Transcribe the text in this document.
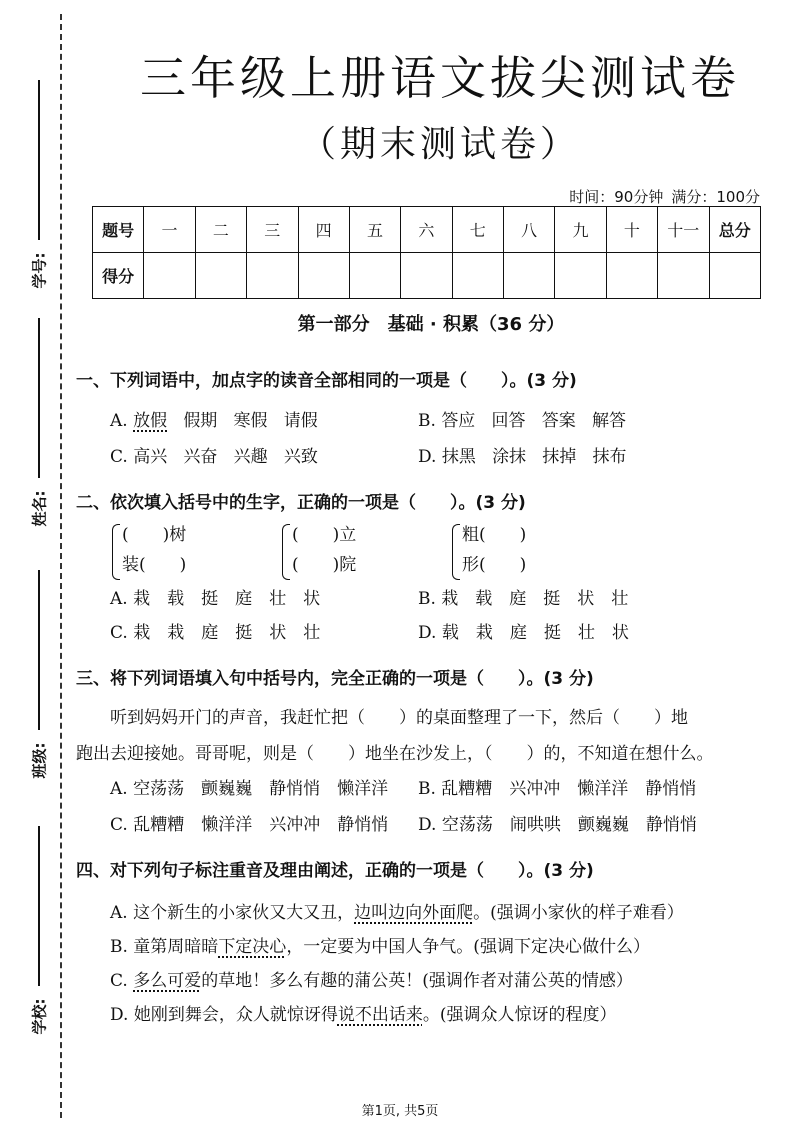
学号:
姓名:
班级:
学校:
三年级上册语文拔尖测试卷
（期末测试卷）
时间：90分钟 满分：100分
题号	一	二	三	四	五	六	七	八	九	十	十一	总分
得分												
第一部分　基础 · 积累（36 分）
一、下列词语中，加点字的读音全部相同的一项是（　　）。(3 分)
A. 放假 假期 寒假 请假	B. 答应 回答 答案 解答
C. 高兴 兴奋 兴趣 兴致	D. 抹黑 涂抹 抹掉 抹布
二、依次填入括号中的生字，正确的一项是（　　）。(3 分)
(　　)树
装(　　)
(　　)立
(　　)院
粗(　　)
形(　　)
A. 栽　载　挺　庭　壮　状	B. 栽　载　庭　挺　状　壮
C. 栽　栽　庭　挺　状　壮	D. 载　栽　庭　挺　壮　状
三、将下列词语填入句中括号内，完全正确的一项是（　　）。(3 分)
　　听到妈妈开门的声音，我赶忙把（　　）的桌面整理了一下，然后（　　）地
跑出去迎接她。哥哥呢，则是（　　）地坐在沙发上，（　　）的，不知道在想什么。
A. 空荡荡　颤巍巍　静悄悄　懒洋洋 B. 乱糟糟　兴冲冲　懒洋洋　静悄悄
C. 乱糟糟　懒洋洋　兴冲冲　静悄悄 D. 空荡荡　闹哄哄　颤巍巍　静悄悄
四、对下列句子标注重音及理由阐述，正确的一项是（　　）。(3 分)
A. 这个新生的小家伙又大又丑，边叫边向外面爬。(强调小家伙的样子难看）
B. 童第周暗暗下定决心，一定要为中国人争气。(强调下定决心做什么）
C. 多么可爱的草地！多么有趣的蒲公英！(强调作者对蒲公英的情感）
D. 她刚到舞会，众人就惊讶得说不出话来。(强调众人惊讶的程度）
第1页, 共5页
